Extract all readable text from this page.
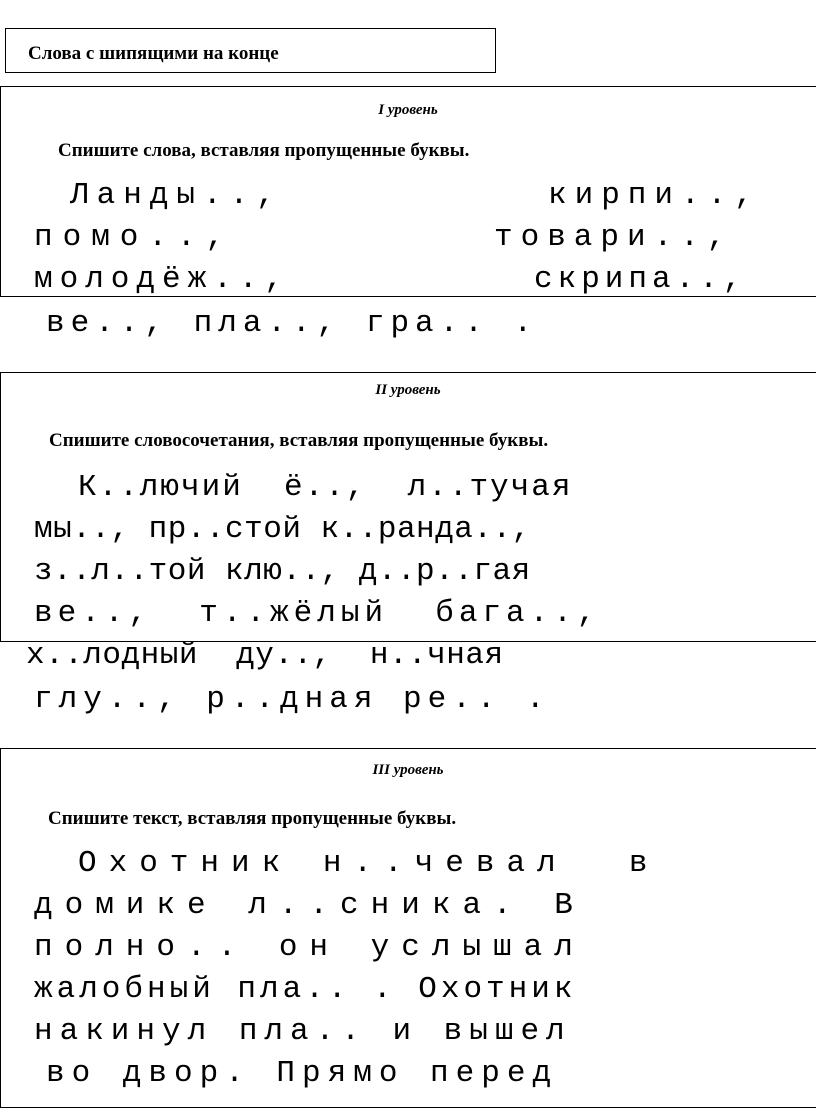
Слова с шипящими на конце
I уровень
Спишите слова, вставляя пропущенные буквы.
Ланды..,	кирпи..,
помо..,	товари..,
молодёж..,	скрипа..,
ве.., пла.., гра.. .
II уровень
Спишите словосочетания, вставляя пропущенные буквы.
К..лючий  ё..,  л..тучая
мы.., пр..стой к..ранда..,
з..л..той клю.., д..р..гая
ве..,  т..жёлый  бага..,
х..лодный  ду..,  н..чная
глу.., р..дная ре.. .
III уровень
Спишите текст, вставляя пропущенные буквы.
Охотник н..чевал  в
домике л..сника. В
полно.. он услышал
жалобный пла.. . Охотник
накинул пла.. и вышел
во двор. Прямо перед
